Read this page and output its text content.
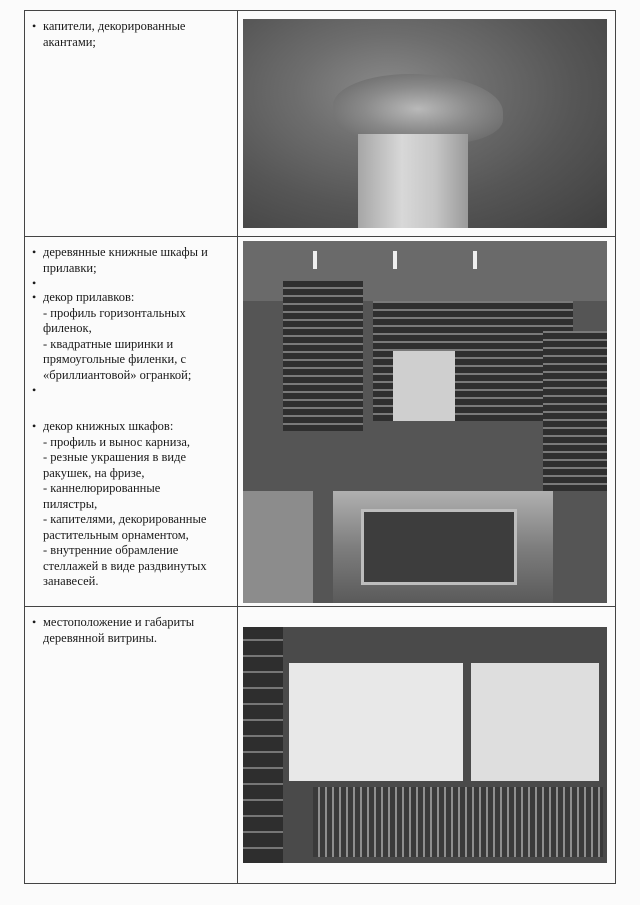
• капители, декорированные
акантами;
• деревянные книжные шкафы и
прилавки;
•
• декор прилавков:
- профиль горизонтальных
филенок,
- квадратные ширинки и
прямоугольные филенки, с
«бриллиантовой» огранкой;
•
• декор книжных шкафов:
- профиль и вынос карниза,
- резные украшения в виде
ракушек, на фризе,
- каннелюрированные
пилястры,
- капителями, декорированные
растительным орнаментом,
- внутренние обрамление
стеллажей в виде раздвинутых
занавесей.
• местоположение и габариты
деревянной витрины.
